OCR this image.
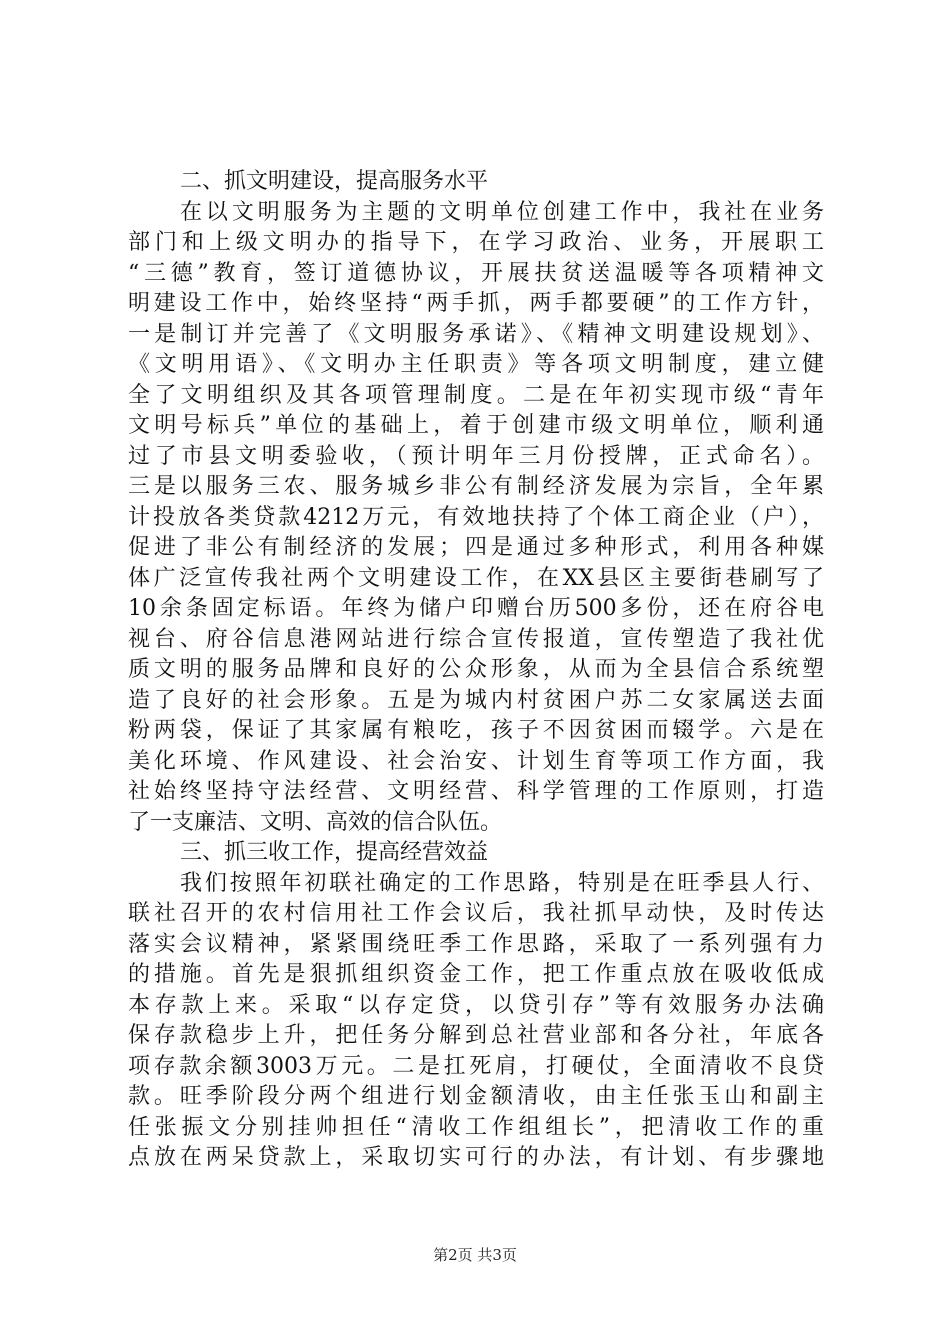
二、抓文明建设，提高服务水平
在以文明服务为主题的文明单位创建工作中，我社在业务
部门和上级文明办的指导下，在学习政治、业务，开展职工
“三德”教育，签订道德协议，开展扶贫送温暖等各项精神文
明建设工作中，始终坚持“两手抓，两手都要硬”的工作方针，
一是制订并完善了《文明服务承诺》、《精神文明建设规划》、
《文明用语》、《文明办主任职责》等各项文明制度，建立健
全了文明组织及其各项管理制度。二是在年初实现市级“青年
文明号标兵”单位的基础上，着于创建市级文明单位，顺利通
过了市县文明委验收，（预计明年三月份授牌，正式命名）。
三是以服务三农、服务城乡非公有制经济发展为宗旨，全年累
计投放各类贷款4212万元，有效地扶持了个体工商企业（户），
促进了非公有制经济的发展；四是通过多种形式，利用各种媒
体广泛宣传我社两个文明建设工作，在XX县区主要街巷刷写了
10余条固定标语。年终为储户印赠台历500多份，还在府谷电
视台、府谷信息港网站进行综合宣传报道，宣传塑造了我社优
质文明的服务品牌和良好的公众形象，从而为全县信合系统塑
造了良好的社会形象。五是为城内村贫困户苏二女家属送去面
粉两袋，保证了其家属有粮吃，孩子不因贫困而辍学。六是在
美化环境、作风建设、社会治安、计划生育等项工作方面，我
社始终坚持守法经营、文明经营、科学管理的工作原则，打造
了一支廉洁、文明、高效的信合队伍。
三、抓三收工作，提高经营效益
我们按照年初联社确定的工作思路，特别是在旺季县人行、
联社召开的农村信用社工作会议后，我社抓早动快，及时传达
落实会议精神，紧紧围绕旺季工作思路，采取了一系列强有力
的措施。首先是狠抓组织资金工作，把工作重点放在吸收低成
本存款上来。采取“以存定贷，以贷引存”等有效服务办法确
保存款稳步上升，把任务分解到总社营业部和各分社，年底各
项存款余额3003万元。二是扛死肩，打硬仗，全面清收不良贷
款。旺季阶段分两个组进行划金额清收，由主任张玉山和副主
任张振文分别挂帅担任“清收工作组组长”，把清收工作的重
点放在两呆贷款上，采取切实可行的办法，有计划、有步骤地
第2页 共3页
